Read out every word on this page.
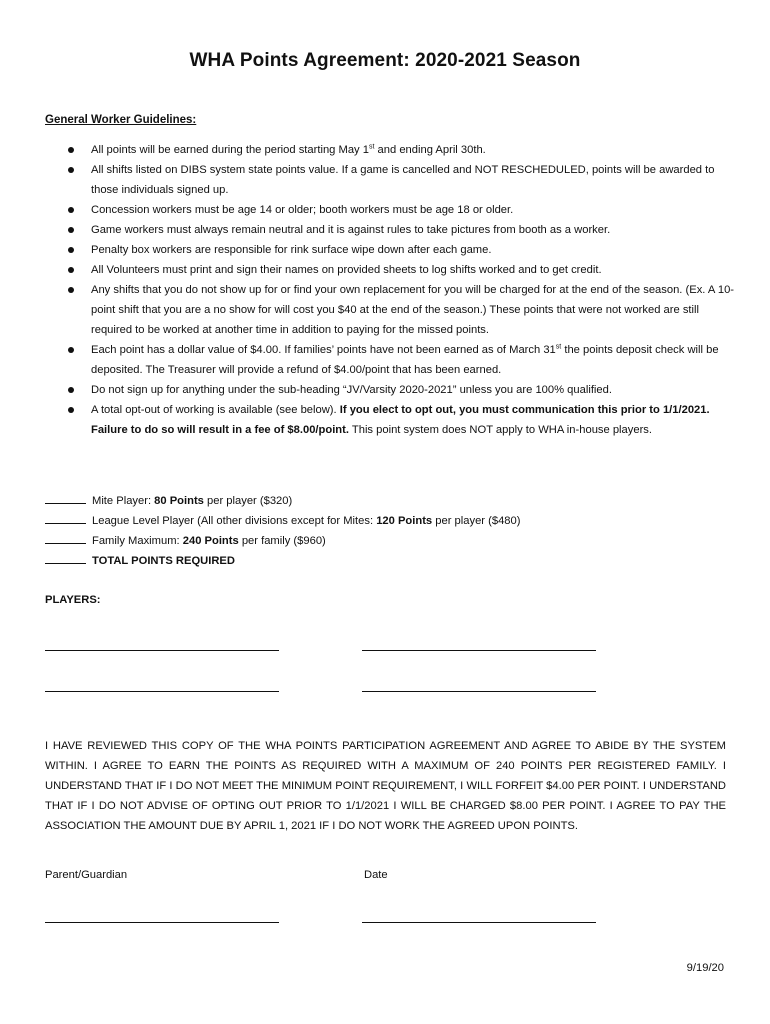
WHA Points Agreement: 2020-2021 Season
General Worker Guidelines:
All points will be earned during the period starting May 1st and ending April 30th.
All shifts listed on DIBS system state points value. If a game is cancelled and NOT RESCHEDULED, points will be awarded to those individuals signed up.
Concession workers must be age 14 or older; booth workers must be age 18 or older.
Game workers must always remain neutral and it is against rules to take pictures from booth as a worker.
Penalty box workers are responsible for rink surface wipe down after each game.
All Volunteers must print and sign their names on provided sheets to log shifts worked and to get credit.
Any shifts that you do not show up for or find your own replacement for you will be charged for at the end of the season. (Ex. A 10-point shift that you are a no show for will cost you $40 at the end of the season.) These points that were not worked are still required to be worked at another time in addition to paying for the missed points.
Each point has a dollar value of $4.00. If families’ points have not been earned as of March 31st the points deposit check will be deposited. The Treasurer will provide a refund of $4.00/point that has been earned.
Do not sign up for anything under the sub-heading “JV/Varsity 2020-2021” unless you are 100% qualified.
A total opt-out of working is available (see below). If you elect to opt out, you must communication this prior to 1/1/2021. Failure to do so will result in a fee of $8.00/point. This point system does NOT apply to WHA in-house players.
Mite Player: 80 Points per player ($320)
League Level Player (All other divisions except for Mites: 120 Points per player ($480)
Family Maximum: 240 Points per family ($960)
TOTAL POINTS REQUIRED
PLAYERS:
I HAVE REVIEWED THIS COPY OF THE WHA POINTS PARTICIPATION AGREEMENT AND AGREE TO ABIDE BY THE SYSTEM WITHIN. I AGREE TO EARN THE POINTS AS REQUIRED WITH A MAXIMUM OF 240 POINTS PER REGISTERED FAMILY. I UNDERSTAND THAT IF I DO NOT MEET THE MINIMUM POINT REQUIREMENT, I WILL FORFEIT $4.00 PER POINT. I UNDERSTAND THAT IF I DO NOT ADVISE OF OPTING OUT PRIOR TO 1/1/2021 I WILL BE CHARGED $8.00 PER POINT. I AGREE TO PAY THE ASSOCIATION THE AMOUNT DUE BY APRIL 1, 2021 IF I DO NOT WORK THE AGREED UPON POINTS.
Parent/Guardian	Date
9/19/20
